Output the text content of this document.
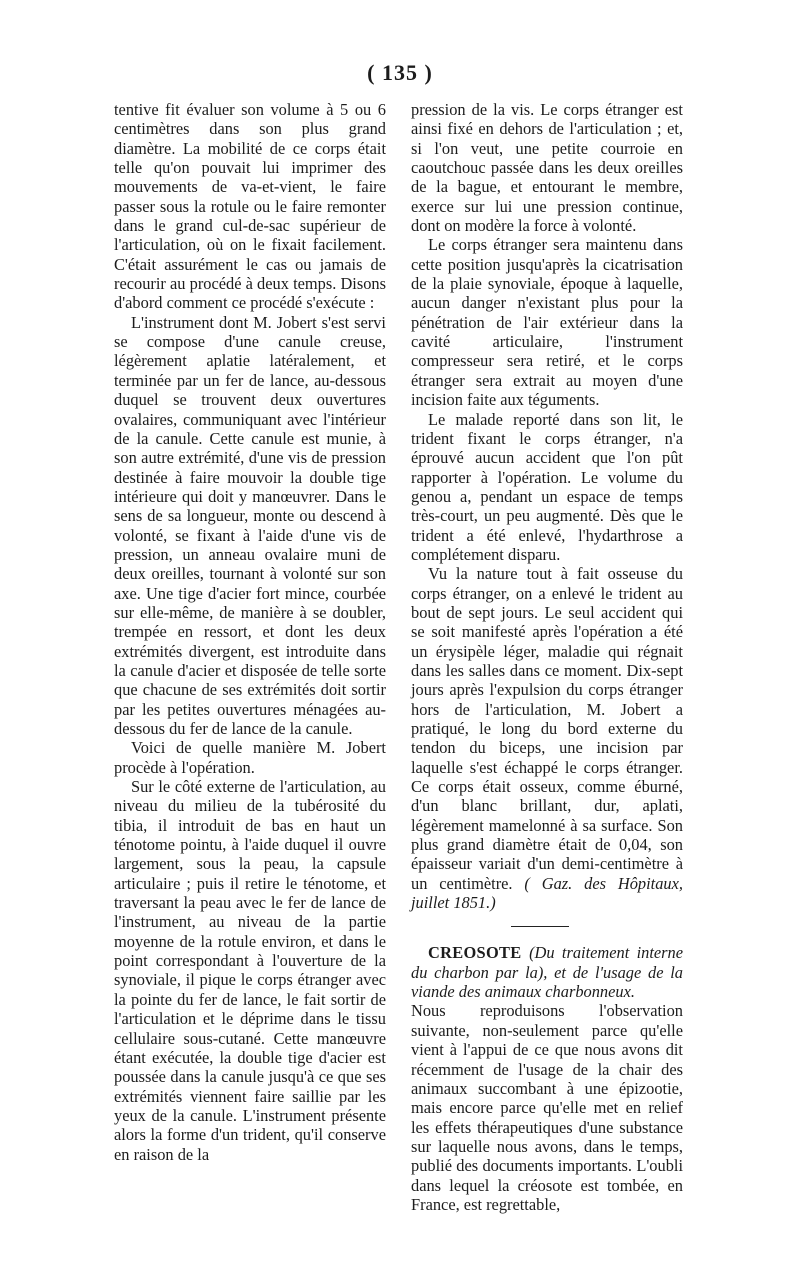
( 135 )

tentive fit évaluer son volume à 5 ou 6 centimètres dans son plus grand diamètre. La mobilité de ce corps était telle qu'on pouvait lui imprimer des mouvements de va-et-vient, le faire passer sous la rotule ou le faire remonter dans le grand cul-de-sac supérieur de l'articulation, où on le fixait facilement. C'était assurément le cas ou jamais de recourir au procédé à deux temps. Disons d'abord comment ce procédé s'exécute :

L'instrument dont M. Jobert s'est servi se compose d'une canule creuse, légèrement aplatie latéralement, et terminée par un fer de lance, au-dessous duquel se trouvent deux ouvertures ovalaires, communiquant avec l'intérieur de la canule. Cette canule est munie, à son autre extrémité, d'une vis de pression destinée à faire mouvoir la double tige intérieure qui doit y manœuvrer. Dans le sens de sa longueur, monte ou descend à volonté, se fixant à l'aide d'une vis de pression, un anneau ovalaire muni de deux oreilles, tournant à volonté sur son axe. Une tige d'acier fort mince, courbée sur elle-même, de manière à se doubler, trempée en ressort, et dont les deux extrémités divergent, est introduite dans la canule d'acier et disposée de telle sorte que chacune de ses extrémités doit sortir par les petites ouvertures ménagées au-dessous du fer de lance de la canule.

Voici de quelle manière M. Jobert procède à l'opération.

Sur le côté externe de l'articulation, au niveau du milieu de la tubérosité du tibia, il introduit de bas en haut un ténotome pointu, à l'aide duquel il ouvre largement, sous la peau, la capsule articulaire ; puis il retire le ténotome, et traversant la peau avec le fer de lance de l'instrument, au niveau de la partie moyenne de la rotule environ, et dans le point correspondant à l'ouverture de la synoviale, il pique le corps étranger avec la pointe du fer de lance, le fait sortir de l'articulation et le déprime dans le tissu cellulaire sous-cutané. Cette manœuvre étant exécutée, la double tige d'acier est poussée dans la canule jusqu'à ce que ses extrémités viennent faire saillie par les yeux de la canule. L'instrument présente alors la forme d'un trident, qu'il conserve en raison de la

pression de la vis. Le corps étranger est ainsi fixé en dehors de l'articulation ; et, si l'on veut, une petite courroie en caoutchouc passée dans les deux oreilles de la bague, et entourant le membre, exerce sur lui une pression continue, dont on modère la force à volonté.

Le corps étranger sera maintenu dans cette position jusqu'après la cicatrisation de la plaie synoviale, époque à laquelle, aucun danger n'existant plus pour la pénétration de l'air extérieur dans la cavité articulaire, l'instrument compresseur sera retiré, et le corps étranger sera extrait au moyen d'une incision faite aux téguments.

Le malade reporté dans son lit, le trident fixant le corps étranger, n'a éprouvé aucun accident que l'on pût rapporter à l'opération. Le volume du genou a, pendant un espace de temps très-court, un peu augmenté. Dès que le trident a été enlevé, l'hydarthrose a complétement disparu.

Vu la nature tout à fait osseuse du corps étranger, on a enlevé le trident au bout de sept jours. Le seul accident qui se soit manifesté après l'opération a été un érysipèle léger, maladie qui régnait dans les salles dans ce moment. Dix-sept jours après l'expulsion du corps étranger hors de l'articulation, M. Jobert a pratiqué, le long du bord externe du tendon du biceps, une incision par laquelle s'est échappé le corps étranger. Ce corps était osseux, comme éburné, d'un blanc brillant, dur, aplati, légèrement mamelonné à sa surface. Son plus grand diamètre était de 0,04, son épaisseur variait d'un demi-centimètre à un centimètre. ( Gaz. des Hôpitaux, juillet 1851.)

CREOSOTE (Du traitement interne du charbon par la), et de l'usage de la viande des animaux charbonneux.

Nous reproduisons l'observation suivante, non-seulement parce qu'elle vient à l'appui de ce que nous avons dit récemment de l'usage de la chair des animaux succombant à une épizootie, mais encore parce qu'elle met en relief les effets thérapeutiques d'une substance sur laquelle nous avons, dans le temps, publié des documents importants. L'oubli dans lequel la créosote est tombée, en France, est regrettable,
